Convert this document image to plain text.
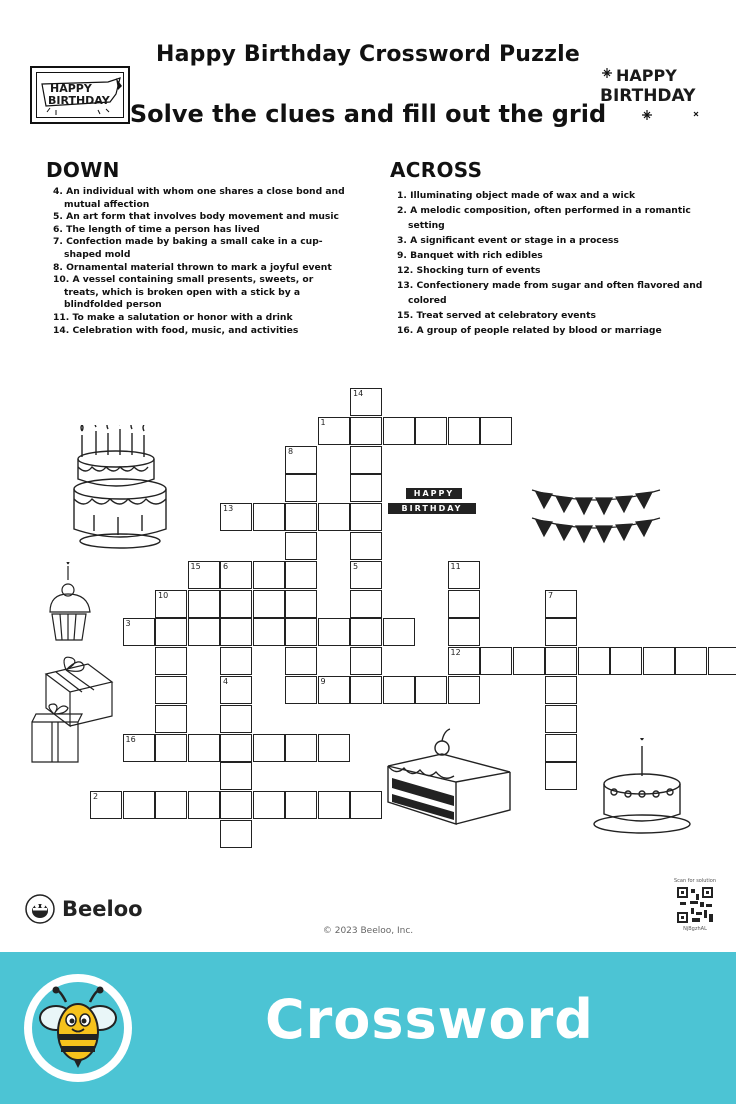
Happy Birthday Crossword Puzzle
Solve the clues and fill out the grid
HAPPY
BIRTHDAY
HAPPY
BIRTHDAY
DOWN
4. An individual with whom one shares a close bond and mutual affection
5. An art form that involves body movement and music
6. The length of time a person has lived
7. Confection made by baking a small cake in a cup-shaped mold
8. Ornamental material thrown to mark a joyful event
10. A vessel containing small presents, sweets, or treats, which is broken open with a stick by a blindfolded person
11. To make a salutation or honor with a drink
14. Celebration with food, music, and activities
ACROSS
1. Illuminating object made of wax and a wick
2. A melodic composition, often performed in a romantic setting
3. A significant event or stage in a process
9. Banquet with rich edibles
12. Shocking turn of events
13. Confectionery made from sugar and often flavored and colored
15. Treat served at celebratory events
16. A group of people related by blood or marriage
14
1
8
13
15	6
4
5	11
12
7
10
3
9
16
2
HAPPY
BIRTHDAY
Beeloo
© 2023 Beeloo, Inc.
Scan for solution
NjBgzhAL
Crossword
